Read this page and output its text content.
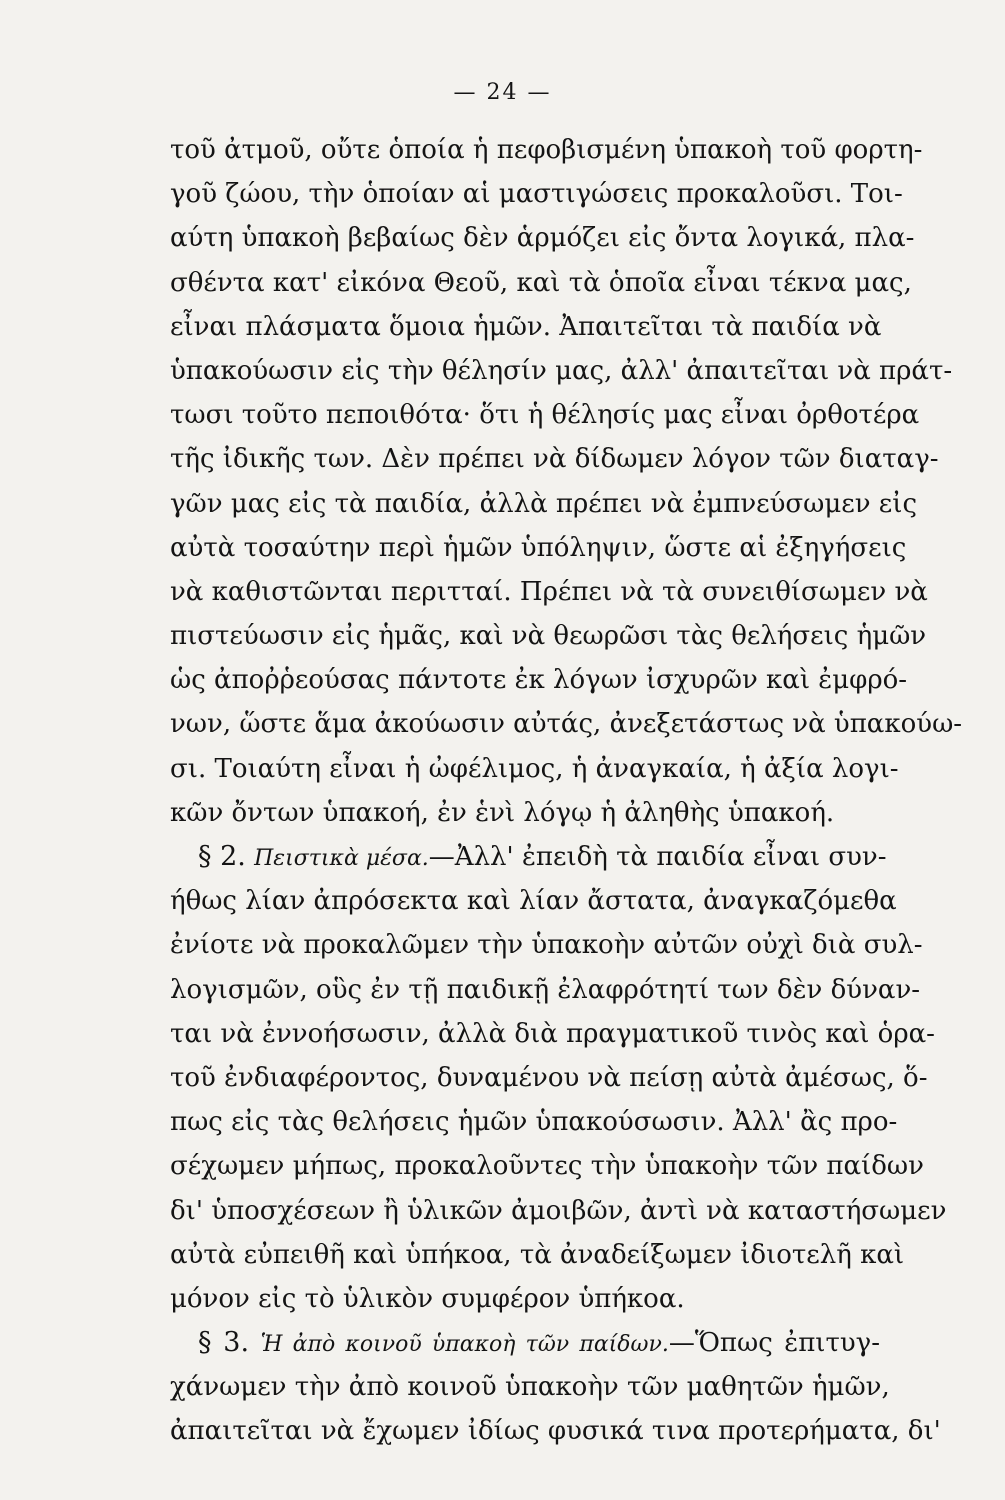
— 24 —
τοῦ ἀτμοῦ, οὔτε ὁποία ἡ πεφοβισμένη ὑπακοὴ τοῦ φορτη-
γοῦ ζώου, τὴν ὁποίαν αἱ μαστιγώσεις προκαλοῦσι. Τοι-
αύτη ὑπακοὴ βεβαίως δὲν ἁρμόζει εἰς ὄντα λογικά, πλα-
σθέντα κατ' εἰκόνα Θεοῦ, καὶ τὰ ὁποῖα εἶναι τέκνα μας,
εἶναι πλάσματα ὅμοια ἡμῶν. Ἀπαιτεῖται τὰ παιδία νὰ
ὑπακούωσιν εἰς τὴν θέλησίν μας, ἀλλ' ἀπαιτεῖται νὰ πράτ-
τωσι τοῦτο πεποιθότα· ὅτι ἡ θέλησίς μας εἶναι ὀρθοτέρα
τῆς ἰδικῆς των. Δὲν πρέπει νὰ δίδωμεν λόγον τῶν διαταγ-
γῶν μας εἰς τὰ παιδία, ἀλλὰ πρέπει νὰ ἐμπνεύσωμεν εἰς
αὐτὰ τοσαύτην περὶ ἡμῶν ὑπόληψιν, ὥστε αἱ ἐξηγήσεις
νὰ καθιστῶνται περιτταί. Πρέπει νὰ τὰ συνειθίσωμεν νὰ
πιστεύωσιν εἰς ἡμᾶς, καὶ νὰ θεωρῶσι τὰς θελήσεις ἡμῶν
ὡς ἀποῤῥεούσας πάντοτε ἐκ λόγων ἰσχυρῶν καὶ ἐμφρό-
νων, ὥστε ἅμα ἀκούωσιν αὐτάς, ἀνεξετάστως νὰ ὑπακούω-
σι. Τοιαύτη εἶναι ἡ ὠφέλιμος, ἡ ἀναγκαία, ἡ ἀξία λογι-
κῶν ὄντων ὑπακοή, ἐν ἑνὶ λόγῳ ἡ ἀληθὴς ὑπακοή.
§ 2. Πειστικὰ μέσα.—Ἀλλ' ἐπειδὴ τὰ παιδία εἶναι συν-
ήθως λίαν ἀπρόσεκτα καὶ λίαν ἄστατα, ἀναγκαζόμεθα
ἐνίοτε νὰ προκαλῶμεν τὴν ὑπακοὴν αὐτῶν οὐχὶ διὰ συλ-
λογισμῶν, οὓς ἐν τῇ παιδικῇ ἐλαφρότητί των δὲν δύναν-
ται νὰ ἐννοήσωσιν, ἀλλὰ διὰ πραγματικοῦ τινὸς καὶ ὁρα-
τοῦ ἐνδιαφέροντος, δυναμένου νὰ πείσῃ αὐτὰ ἀμέσως, ὅ-
πως εἰς τὰς θελήσεις ἡμῶν ὑπακούσωσιν. Ἀλλ' ἂς προ-
σέχωμεν μήπως, προκαλοῦντες τὴν ὑπακοὴν τῶν παίδων
δι' ὑποσχέσεων ἢ ὑλικῶν ἀμοιβῶν, ἀντὶ νὰ καταστήσωμεν
αὐτὰ εὐπειθῆ καὶ ὑπήκοα, τὰ ἀναδείξωμεν ἰδιοτελῆ καὶ
μόνον εἰς τὸ ὑλικὸν συμφέρον ὑπήκοα.
§ 3. Ἡ ἀπὸ κοινοῦ ὑπακοὴ τῶν παίδων.—Ὅπως ἐπιτυγ-
χάνωμεν τὴν ἀπὸ κοινοῦ ὑπακοὴν τῶν μαθητῶν ἡμῶν,
ἀπαιτεῖται νὰ ἔχωμεν ἰδίως φυσικά τινα προτερήματα, δι'
